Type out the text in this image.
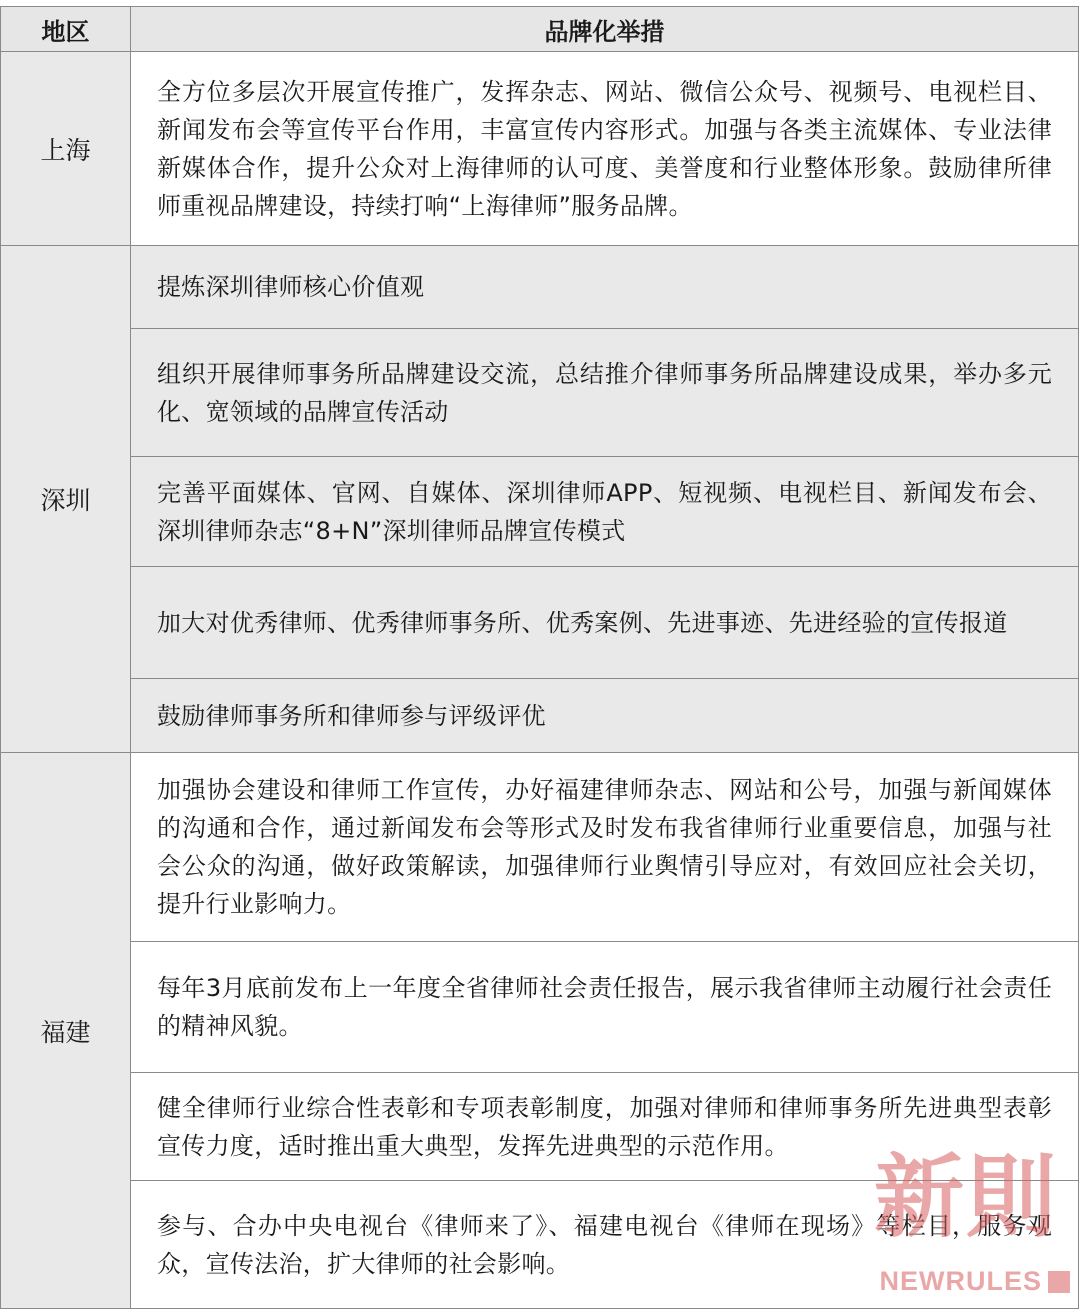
地区	品牌化举措
上海	全方位多层次开展宣传推广，发挥杂志、网站、微信公众号、视频号、电视栏目、新闻发布会等宣传平台作用，丰富宣传内容形式。加强与各类主流媒体、专业法律新媒体合作，提升公众对上海律师的认可度、美誉度和行业整体形象。鼓励律所律师重视品牌建设，持续打响“上海律师”服务品牌。
深圳	提炼深圳律师核心价值观
	组织开展律师事务所品牌建设交流，总结推介律师事务所品牌建设成果，举办多元化、宽领域的品牌宣传活动
	完善平面媒体、官网、自媒体、深圳律师APP、短视频、电视栏目、新闻发布会、深圳律师杂志“8+N”深圳律师品牌宣传模式
	加大对优秀律师、优秀律师事务所、优秀案例、先进事迹、先进经验的宣传报道
	鼓励律师事务所和律师参与评级评优
福建	加强协会建设和律师工作宣传，办好福建律师杂志、网站和公号，加强与新闻媒体的沟通和合作，通过新闻发布会等形式及时发布我省律师行业重要信息，加强与社会公众的沟通，做好政策解读，加强律师行业舆情引导应对，有效回应社会关切，提升行业影响力。
	每年3月底前发布上一年度全省律师社会责任报告，展示我省律师主动履行社会责任的精神风貌。
	健全律师行业综合性表彰和专项表彰制度，加强对律师和律师事务所先进典型表彰宣传力度，适时推出重大典型，发挥先进典型的示范作用。
	参与、合办中央电视台《律师来了》、福建电视台《律师在现场》等栏目，服务观众，宣传法治，扩大律师的社会影响。
新則
NEWRULES
